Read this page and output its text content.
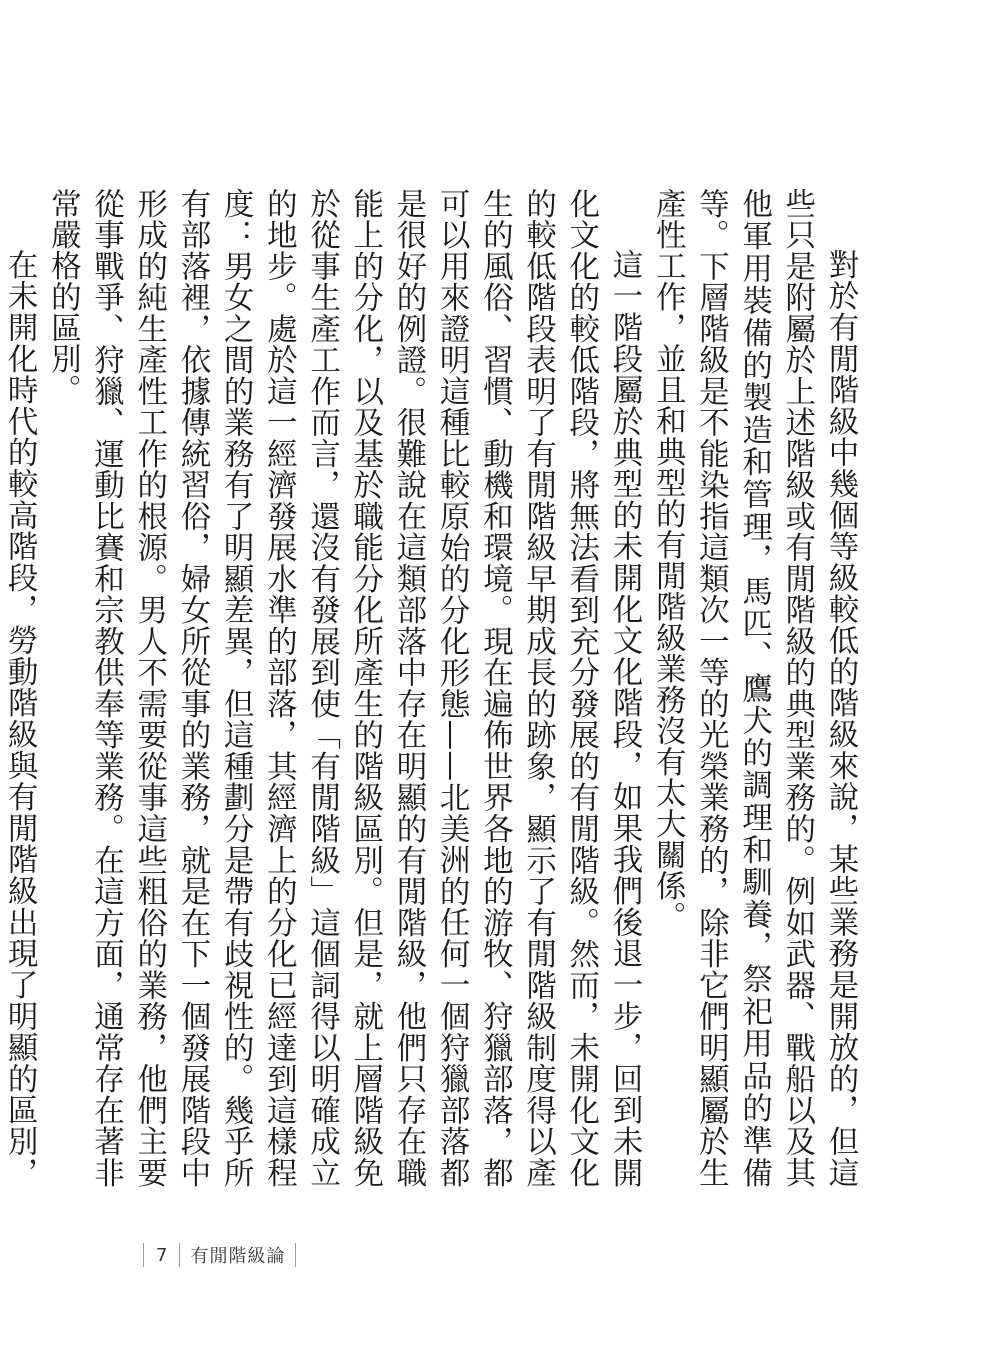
對於有閒階級中幾個等級較低的階級來說，某些業務是開放的，但這些只是附屬於上述階級或有閒階級的典型業務的。例如武器、戰船以及其他軍用裝備的製造和管理，馬匹、鷹犬的調理和馴養，祭祀用品的準備等。下層階級是不能染指這類次一等的光榮業務的，除非它們明顯屬於生產性工作，並且和典型的有閒階級業務沒有太大關係。

這一階段屬於典型的未開化文化階段，如果我們後退一步，回到未開化文化的較低階段，將無法看到充分發展的有閒階級。然而，未開化文化的較低階段表明了有閒階級早期成長的跡象，顯示了有閒階級制度得以產生的風俗、習慣、動機和環境。現在遍佈世界各地的游牧、狩獵部落，都可以用來證明這種比較原始的分化形態——北美洲的任何一個狩獵部落都是很好的例證。很難說在這類部落中存在明顯的有閒階級，他們只存在職能上的分化，以及基於職能分化所產生的階級區別。但是，就上層階級免於從事生產工作而言，還沒有發展到使「有閒階級」這個詞得以明確成立的地步。處於這一經濟發展水準的部落，其經濟上的分化已經達到這樣程度：男女之間的業務有了明顯差異，但這種劃分是帶有歧視性的。幾乎所有部落裡，依據傳統習俗，婦女所從事的業務，就是在下一個發展階段中形成的純生產性工作的根源。男人不需要從事這些粗俗的業務，他們主要從事戰爭、狩獵、運動比賽和宗教供奉等業務。在這方面，通常存在著非常嚴格的區別。

在未開化時代的較高階段，勞動階級與有閒階級出現了明顯的區別，

7	有閒階級論
